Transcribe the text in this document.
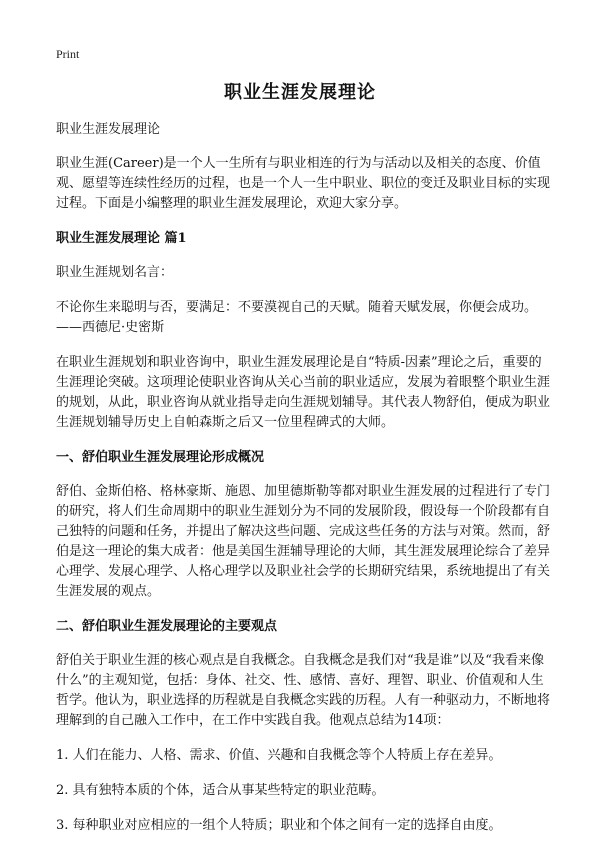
Print
职业生涯发展理论

职业生涯发展理论

职业生涯(Career)是一个人一生所有与职业相连的行为与活动以及相关的态度、价值观、愿望等连续性经历的过程，也是一个人一生中职业、职位的变迁及职业目标的实现过程。下面是小编整理的职业生涯发展理论，欢迎大家分享。

职业生涯发展理论 篇1

职业生涯规划名言：

不论你生来聪明与否，要满足：不要漠视自己的天赋。随着天赋发展，你便会成功。——西德尼·史密斯

在职业生涯规划和职业咨询中，职业生涯发展理论是自“特质-因素”理论之后，重要的生涯理论突破。这项理论使职业咨询从关心当前的职业适应，发展为着眼整个职业生涯的规划，从此，职业咨询从就业指导走向生涯规划辅导。其代表人物舒伯，便成为职业生涯规划辅导历史上自帕森斯之后又一位里程碑式的大师。

一、舒伯职业生涯发展理论形成概况

舒伯、金斯伯格、格林豪斯、施恩、加里德斯勒等都对职业生涯发展的过程进行了专门的研究，将人们生命周期中的职业生涯划分为不同的发展阶段，假设每一个阶段都有自己独特的问题和任务，并提出了解决这些问题、完成这些任务的方法与对策。然而，舒伯是这一理论的集大成者：他是美国生涯辅导理论的大师，其生涯发展理论综合了差异心理学、发展心理学、人格心理学以及职业社会学的长期研究结果，系统地提出了有关生涯发展的观点。

二、舒伯职业生涯发展理论的主要观点

舒伯关于职业生涯的核心观点是自我概念。自我概念是我们对“我是谁”以及“我看来像什么”的主观知觉，包括：身体、社交、性、感情、喜好、理智、职业、价值观和人生哲学。他认为，职业选择的历程就是自我概念实践的历程。人有一种驱动力，不断地将理解到的自己融入工作中，在工作中实践自我。他观点总结为14项：

1. 人们在能力、人格、需求、价值、兴趣和自我概念等个人特质上存在差异。

2. 具有独特本质的个体，适合从事某些特定的职业范畴。

3. 每种职业对应相应的一组个人特质；职业和个体之间有一定的选择自由度。
